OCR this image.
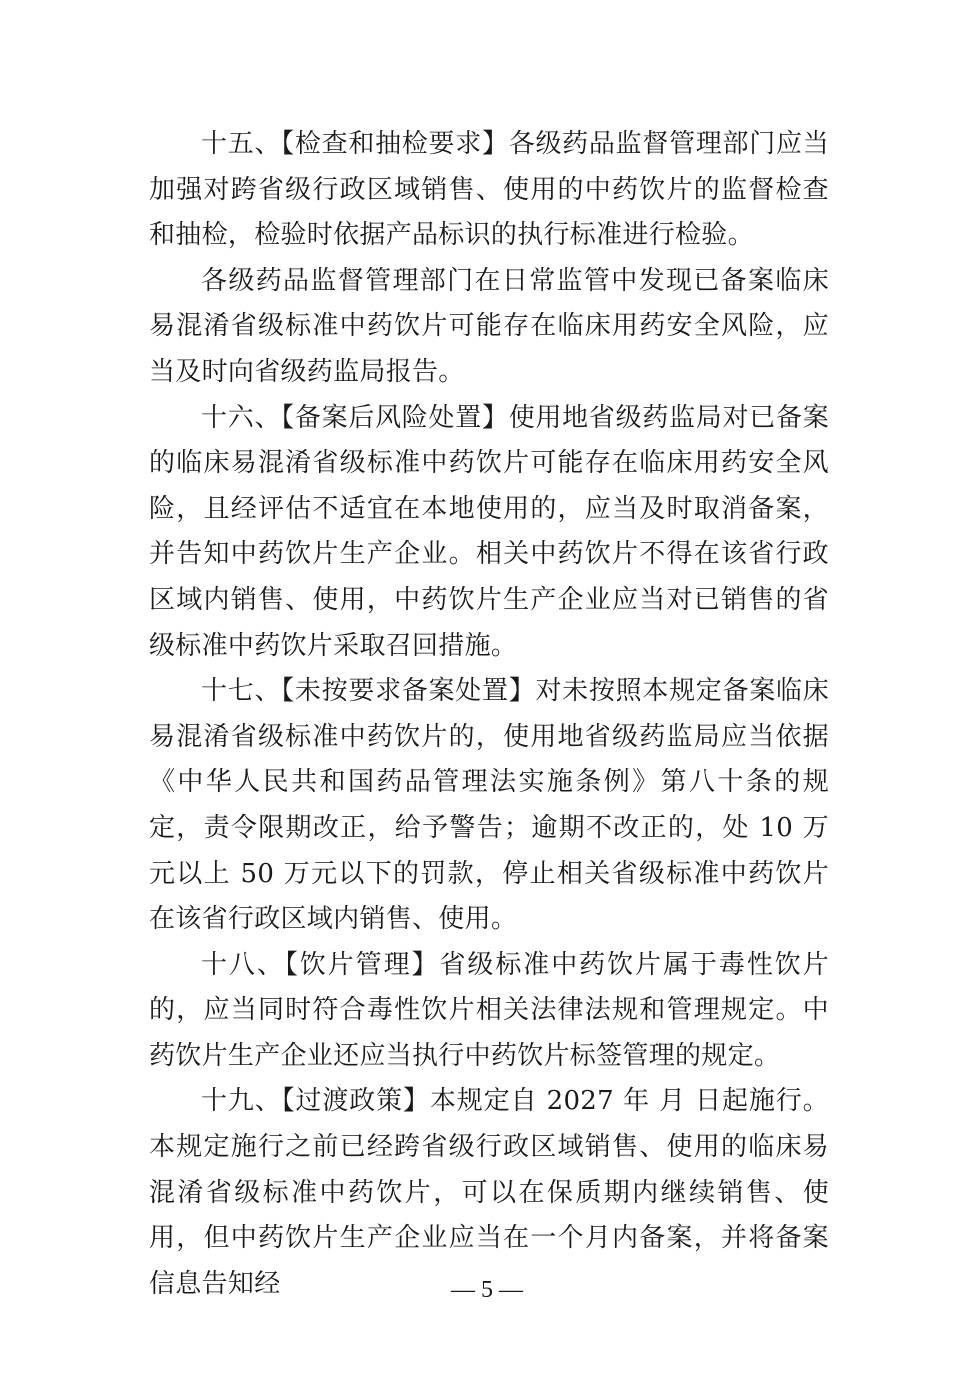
十五、【检查和抽检要求】各级药品监督管理部门应当加强对跨省级行政区域销售、使用的中药饮片的监督检查和抽检，检验时依据产品标识的执行标准进行检验。

各级药品监督管理部门在日常监管中发现已备案临床易混淆省级标准中药饮片可能存在临床用药安全风险，应当及时向省级药监局报告。

十六、【备案后风险处置】使用地省级药监局对已备案的临床易混淆省级标准中药饮片可能存在临床用药安全风险，且经评估不适宜在本地使用的，应当及时取消备案，并告知中药饮片生产企业。相关中药饮片不得在该省行政区域内销售、使用，中药饮片生产企业应当对已销售的省级标准中药饮片采取召回措施。

十七、【未按要求备案处置】对未按照本规定备案临床易混淆省级标准中药饮片的，使用地省级药监局应当依据《中华人民共和国药品管理法实施条例》第八十条的规定，责令限期改正，给予警告；逾期不改正的，处 10 万元以上 50 万元以下的罚款，停止相关省级标准中药饮片在该省行政区域内销售、使用。

十八、【饮片管理】省级标准中药饮片属于毒性饮片的，应当同时符合毒性饮片相关法律法规和管理规定。中药饮片生产企业还应当执行中药饮片标签管理的规定。

十九、【过渡政策】本规定自 2027 年 月 日起施行。本规定施行之前已经跨省级行政区域销售、使用的临床易混淆省级标准中药饮片，可以在保质期内继续销售、使用，但中药饮片生产企业应当在一个月内备案，并将备案信息告知经	— 5 —
